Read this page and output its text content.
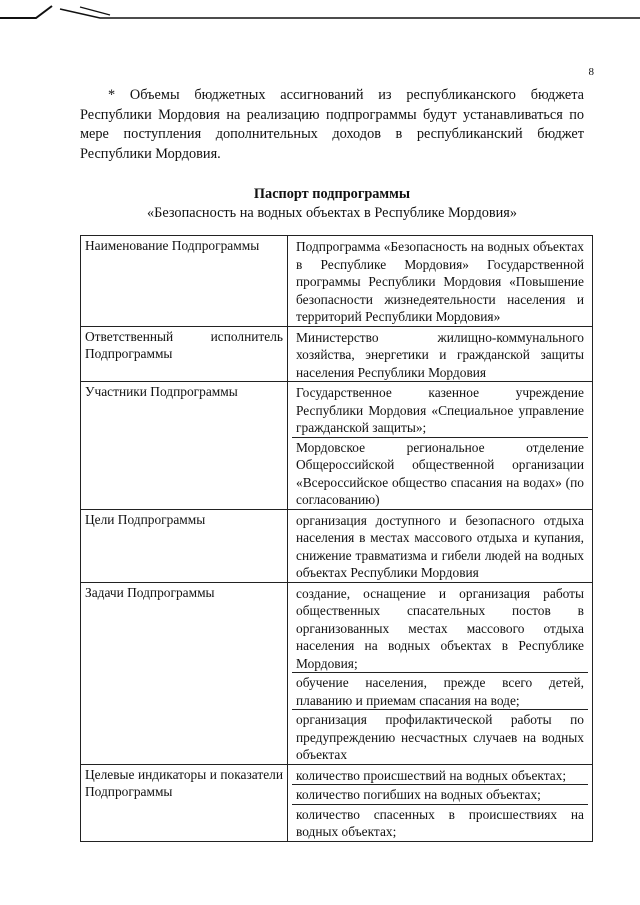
8

* Объемы бюджетных ассигнований из республиканского бюджета Республики Мордовия на реализацию подпрограммы будут устанавливаться по мере поступления дополнительных доходов в республиканский бюджет Республики Мордовия.

Паспорт подпрограммы
«Безопасность на водных объектах в Республике Мордовия»
Наименование Подпрограммы	Подпрограмма «Безопасность на водных объектах в Республике Мордовия» Государственной программы Республики Мордовия «Повышение безопасности жизнедеятельности населения и территорий Республики Мордовия»

Ответственный исполнитель Подпрограммы	Министерство жилищно-коммунального хозяйства, энергетики и гражданской защиты населения Республики Мордовия

Участники Подпрограммы	Государственное казенное учреждение Республики Мордовия «Специальное управление гражданской защиты»;
Мордовское региональное отделение Общероссийской общественной организации «Всероссийское общество спасания на водах» (по согласованию)

Цели Подпрограммы	организация доступного и безопасного отдыха населения в местах массового отдыха и купания, снижение травматизма и гибели людей на водных объектах Республики Мордовия

Задачи Подпрограммы	создание, оснащение и организация работы общественных спасательных постов в организованных местах массового отдыха населения на водных объектах в Республике Мордовия;
обучение населения, прежде всего детей, плаванию и приемам спасания на воде;
организация профилактической работы по предупреждению несчастных случаев на водных объектах

Целевые индикаторы и показатели Подпрограммы	количество происшествий на водных объектах;
количество погибших на водных объектах;
количество спасенных в происшествиях на водных объектах;
